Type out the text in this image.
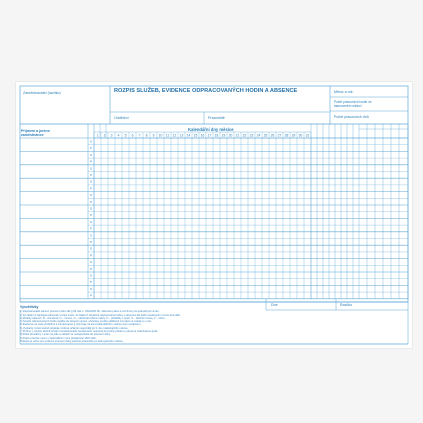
1 2 3 4 5 6 7 8 9 10 11 12 13 14 15 16 17 18 19 20 21 22 23 24 25 26 27 28 29 30 31
S
P
S
P
S
P
S
P
S
P
S
P
S
P
S
P
S
P
S
P
S
P
S
P
Zaměstnavatel (razítko)	ROZPIS SLUŽEB, EVIDENCE ODPRACOVANÝCH HODIN A ABSENCE
Oddělení	Pracoviště
Měsíc a rok:
Počet pracovních hodin ve stanoveném měsíci
Počet pracovních dnů
Příjmení a jméno zaměstnance
Kalendářní dny měsíce
Dne	Razítko
Vysvětlivky
1) Zaměstnavatel stanoví pracovní dobu dle § 83 zák. č. 262/2006 Sb. zákoníku práce a rozvrhne ji do jednotlivých směn.
2) Do řádku S zapisujte plánovaný rozpis směn, do řádku P skutečně odpracované hodiny a absence dle kódů uvedených v tomto formuláři.
3) Zkratky absencí: D – dovolená, N – nemoc, O – ošetřování člena rodiny, P – překážky v práci, S – služební cesta, V – volno.
4) Součet odpracovaných hodin zapište do sloupců vpravo, přesčasy uveďte odděleně od práce ve svátek a v noci.
5) Evidence se vede průběžně a zaměstnanec ji potvrzuje na konci kalendářního měsíce svým podpisem.
6) Vyplněný rozpis služeb předejte mzdové účtárně nejpozději do 3. dne následujícího měsíce.
7) Změny v rozpisu služeb oznámí zaměstnavatel zaměstnanci nejméně dva týdny předem, pokud se nedohodnou jinak.
8) Doba přestávky v práci na jídlo a oddech se nezapočítává do pracovní doby.
9) Práce přesčas nesmí v kalendářním roce přesáhnout 150 hodin.
Tiskopis je určen pro evidenci pracovní doby jednoho pracoviště po dobu jednoho měsíce.
